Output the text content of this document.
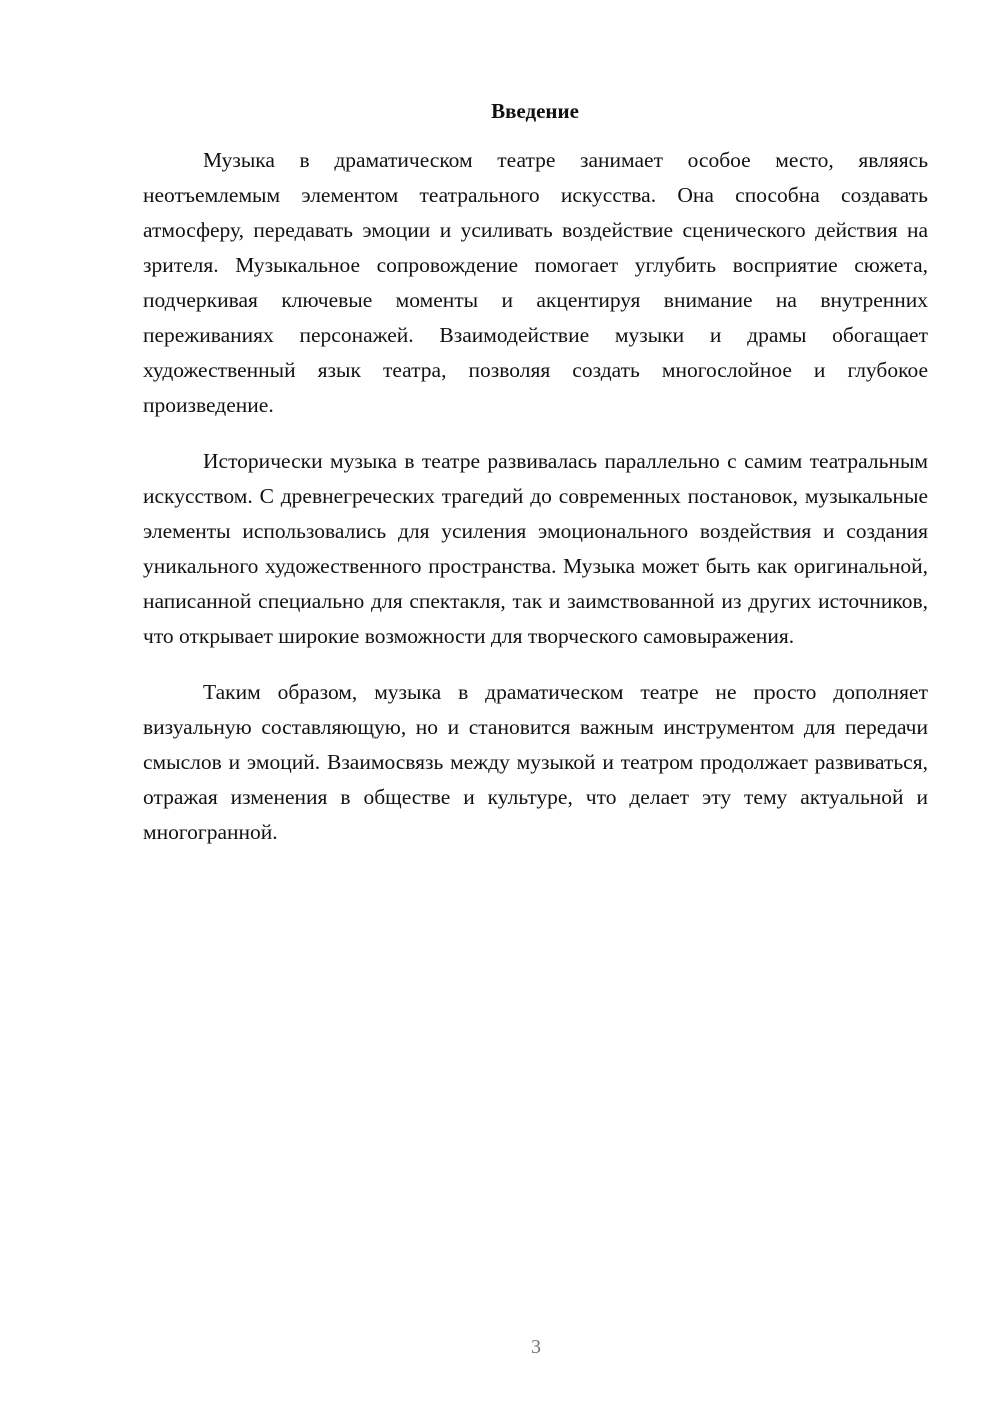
Введение

Музыка в драматическом театре занимает особое место, являясь неотъемлемым элементом театрального искусства. Она способна создавать атмосферу, передавать эмоции и усиливать воздействие сценического действия на зрителя. Музыкальное сопровождение помогает углубить восприятие сюжета, подчеркивая ключевые моменты и акцентируя внимание на внутренних переживаниях персонажей. Взаимодействие музыки и драмы обогащает художественный язык театра, позволяя создать многослойное и глубокое произведение.

Исторически музыка в театре развивалась параллельно с самим театральным искусством. С древнегреческих трагедий до современных постановок, музыкальные элементы использовались для усиления эмоционального воздействия и создания уникального художественного пространства. Музыка может быть как оригинальной, написанной специально для спектакля, так и заимствованной из других источников, что открывает широкие возможности для творческого самовыражения.

Таким образом, музыка в драматическом театре не просто дополняет визуальную составляющую, но и становится важным инструментом для передачи смыслов и эмоций. Взаимосвязь между музыкой и театром продолжает развиваться, отражая изменения в обществе и культуре, что делает эту тему актуальной и многогранной.

3
